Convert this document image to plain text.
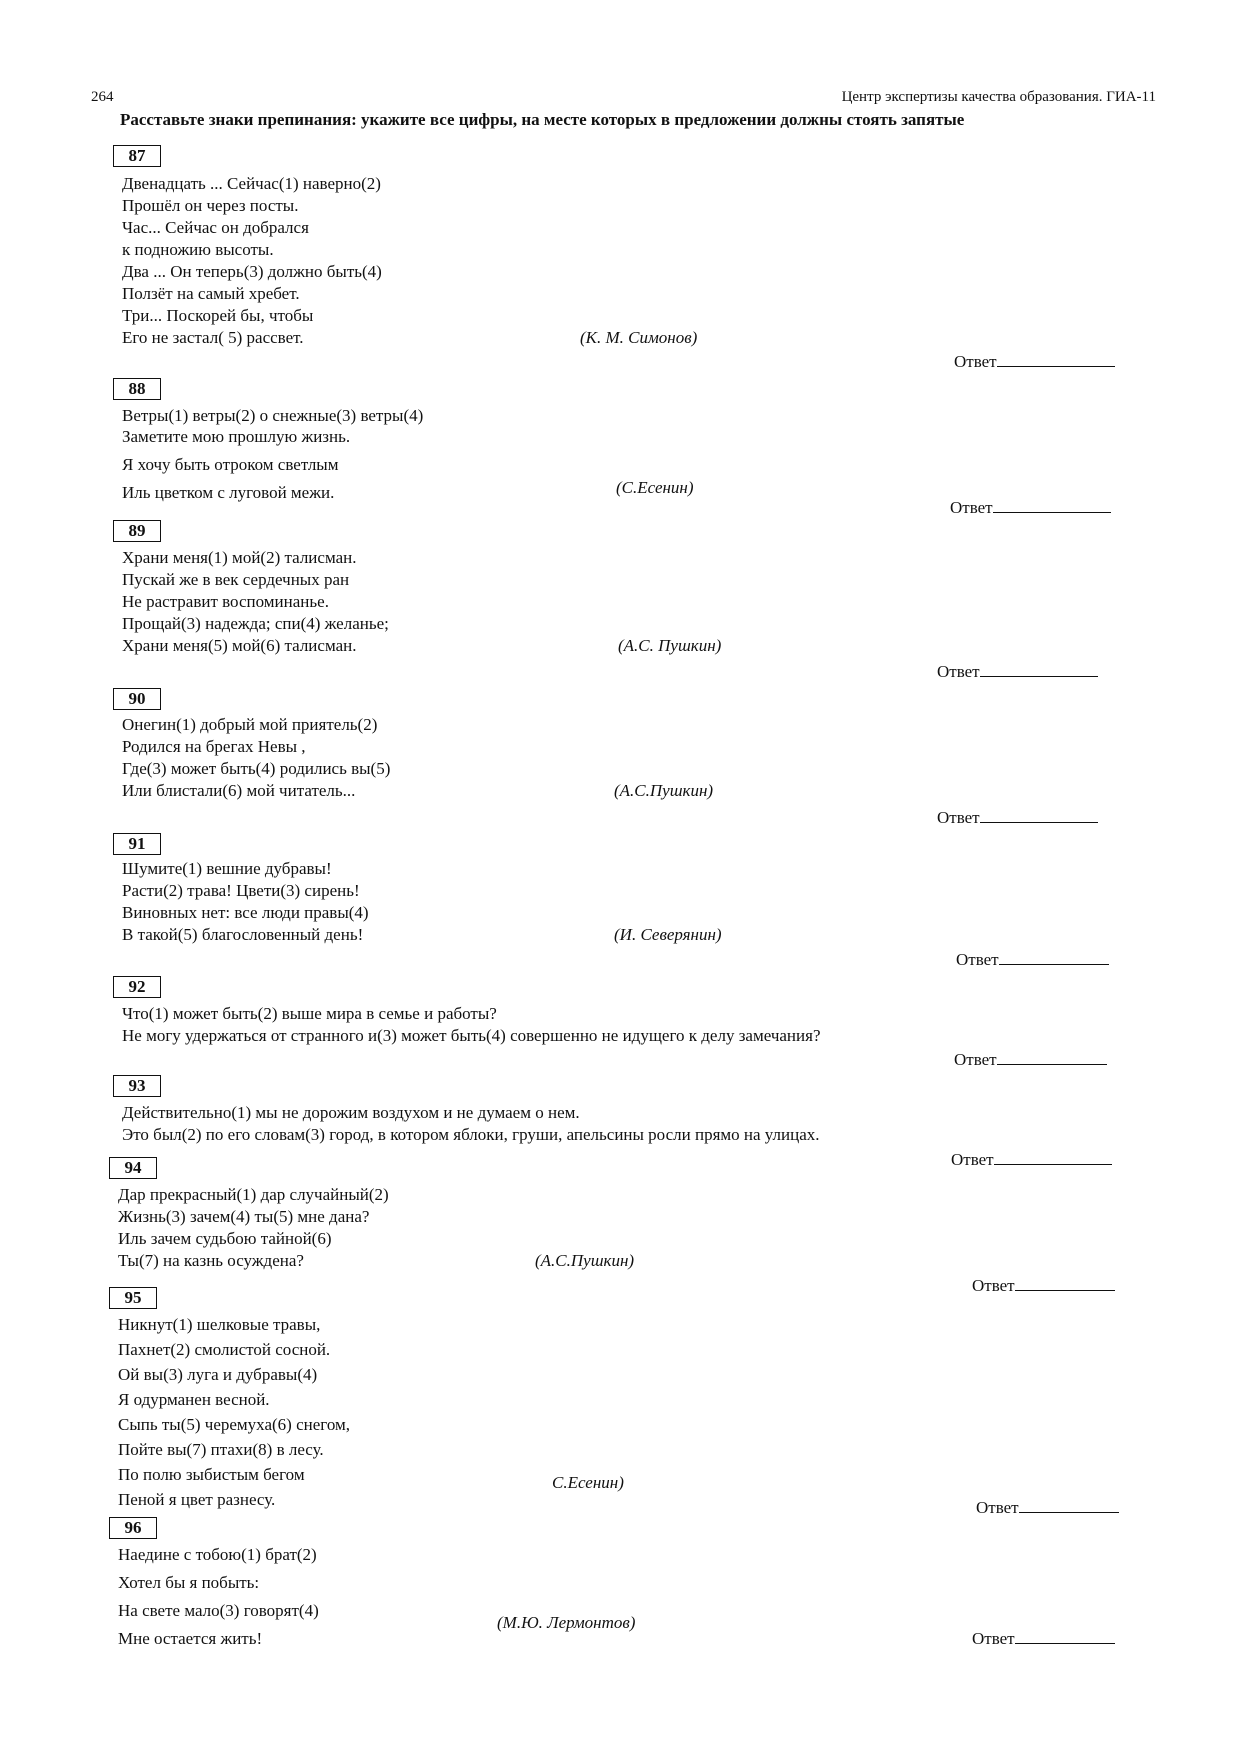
264	Центр экспертизы качества образования. ГИА-11
Расставьте знаки препинания: укажите все цифры, на месте которых в предложении должны стоять запятые
87
Двенадцать ... Сейчас(1) наверно(2)
Прошёл он через посты.
Час... Сейчас он добрался
к подножию высоты.
Два ... Он теперь(3) должно быть(4)
Ползёт на самый хребет.
Три... Поскорей бы, чтобы
Его не застал( 5) рассвет.	(К. М. Симонов)
Ответ
88
Ветры(1) ветры(2) о снежные(3) ветры(4)
Заметите мою прошлую жизнь.
Я хочу быть отроком светлым
Иль цветком с луговой межи.	(С.Есенин)
Ответ
89
Храни меня(1) мой(2) талисман.
Пускай же в век сердечных ран
Не растравит воспоминанье.
Прощай(3) надежда; спи(4) желанье;
Храни меня(5) мой(6) талисман.	(А.С. Пушкин)
Ответ
90
Онегин(1) добрый мой приятель(2)
Родился на брегах Невы ,
Где(3) может быть(4) родились вы(5)
Или блистали(6) мой читатель...	(А.С.Пушкин)
Ответ
91
Шумите(1) вешние дубравы!
Расти(2) трава! Цвети(3) сирень!
Виновных нет: все люди правы(4)
В такой(5) благословенный день!	(И. Северянин)
Ответ
92
Что(1) может быть(2) выше мира в семье и работы?
Не могу удержаться от странного и(3) может быть(4) совершенно не идущего к делу замечания?
Ответ
93
Действительно(1) мы не дорожим воздухом и не думаем о нем.
Это был(2) по его словам(3) город, в котором яблоки, груши, апельсины росли прямо на улицах.
Ответ
94
Дар прекрасный(1) дар случайный(2)
Жизнь(3) зачем(4) ты(5) мне дана?
Иль зачем судьбою тайной(6)
Ты(7) на казнь осуждена?	(А.С.Пушкин)
Ответ
95
Никнут(1) шелковые травы,
Пахнет(2) смолистой сосной.
Ой вы(3) луга и дубравы(4)
Я одурманен весной.
Сыпь ты(5) черемуха(6) снегом,
Пойте вы(7) птахи(8) в лесу.
По полю зыбистым бегом
Пеной я цвет разнесу.
С.Есенин)
Ответ
96
Наедине с тобою(1) брат(2)
Хотел бы я побыть:
На свете мало(3) говорят(4)
Мне остается жить!
(М.Ю. Лермонтов)
Ответ
